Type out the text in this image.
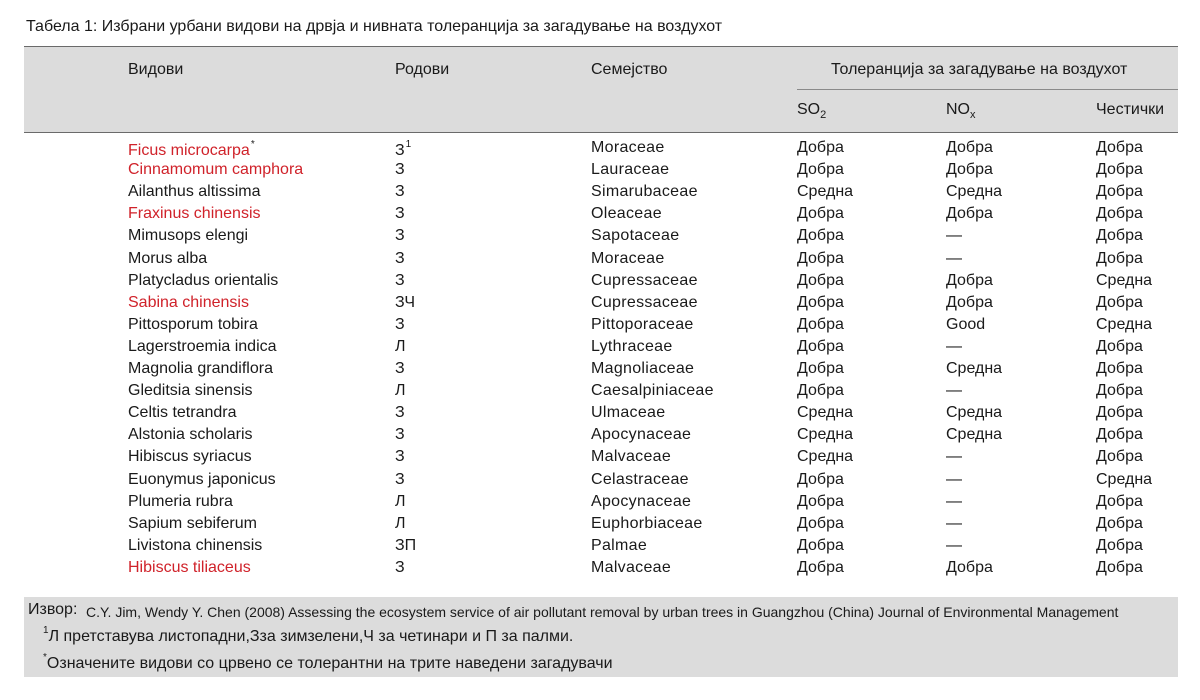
Табела 1: Избрани урбани видови на дрвја и нивната толеранција за загадување на воздухот
Видови	Родови	Семејство	Толеранција за загадување на воздухот
$SO_2$	$NO_x$	Честички
Ficus microcarpa*	$З^1$	Moraceae	Добра	Добра	Добра
Cinnamomum camphora	З	Lauraceae	Добра	Добра	Добра
Ailanthus altissima	З	Simarubaceae	Средна	Средна	Добра
Fraxinus chinensis	З	Oleaceae	Добра	Добра	Добра
Mimusops elengi	З	Sapotaceae	Добра	—	Добра
Morus alba	З	Moraceae	Добра	—	Добра
Platycladus orientalis	З	Cupressaceae	Добра	Добра	Средна
Sabina chinensis	ЗЧ	Cupressaceae	Добра	Добра	Добра
Pittosporum tobira	З	Pittoporaceae	Добра	Good	Средна
Lagerstroemia indica	Л	Lythraceae	Добра	—	Добра
Magnolia grandiflora	З	Magnoliaceae	Добра	Средна	Добра
Gleditsia sinensis	Л	Caesalpiniaceae	Добра	—	Добра
Celtis tetrandra	З	Ulmaceae	Средна	Средна	Добра
Alstonia scholaris	З	Apocynaceae	Средна	Средна	Добра
Hibiscus syriacus	З	Malvaceae	Средна	—	Добра
Euonymus japonicus	З	Celastraceae	Добра	—	Средна
Plumeria rubra	Л	Apocynaceae	Добра	—	Добра
Sapium sebiferum	Л	Euphorbiaceae	Добра	—	Добра
Livistona chinensis	ЗП	Palmae	Добра	—	Добра
Hibiscus tiliaceus	З	Malvaceae	Добра	Добра	Добра
Извор: C.Y. Jim, Wendy Y. Chen (2008) Assessing the ecosystem service of air pollutant removal by urban trees in Guangzhou (China) Journal of Environmental Management
$^1$Л претставува листопадни,Зза зимзелени,Ч за четинари и П за палми.
*Означените видови со црвено се толерантни на трите наведени загадувачи
